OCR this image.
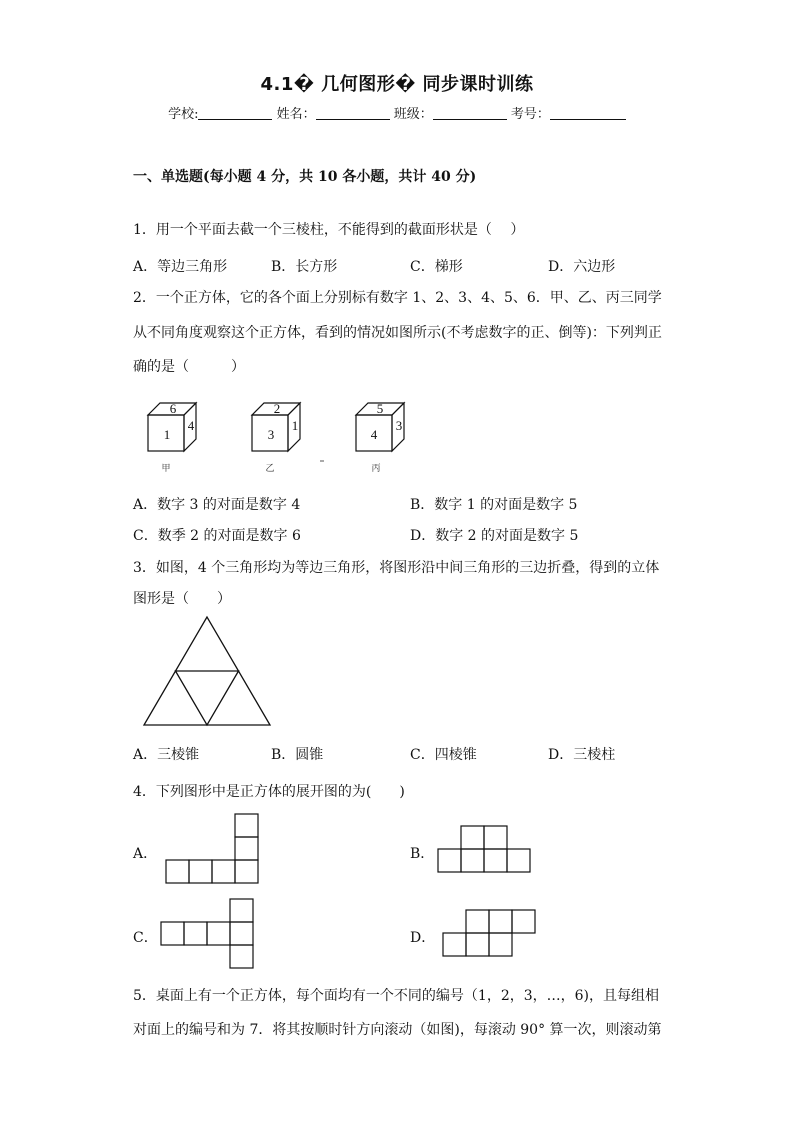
4.1� 几何图形� 同步课时训练
学校:	姓名：	班级：	考号：
一、单选题(每小题 4 分，共 10 各小题，共计 40 分)
1．用一个平面去截一个三棱柱，不能得到的截面形状是（　 ）
A．等边三角形	B．长方形	C．梯形	D．六边形
2．一个正方体，它的各个面上分别标有数字 1、2、3、4、5、6．甲、乙、丙三同学
从不同角度观察这个正方体，看到的情况如图所示(不考虑数字的正、倒等)：下列判正
确的是（　　　）
6
1
4
2
3
1
5
4
3
甲	乙	丙
A．数字 3 的对面是数字 4	B．数字 1 的对面是数字 5
C．数季 2 的对面是数字 6	D．数字 2 的对面是数字 5
3．如图，4 个三角形均为等边三角形，将图形沿中间三角形的三边折叠，得到的立体
图形是（　　）
A．三棱锥	B．圆锥	C．四棱锥	D．三棱柱
4．下列图形中是正方体的展开图的为(　　)
A．	B．
C．	D．
5．桌面上有一个正方体，每个面均有一个不同的编号（1，2，3，…，6)，且每组相
对面上的编号和为 7．将其按顺时针方向滚动（如图)，每滚动 90° 算一次，则滚动第
